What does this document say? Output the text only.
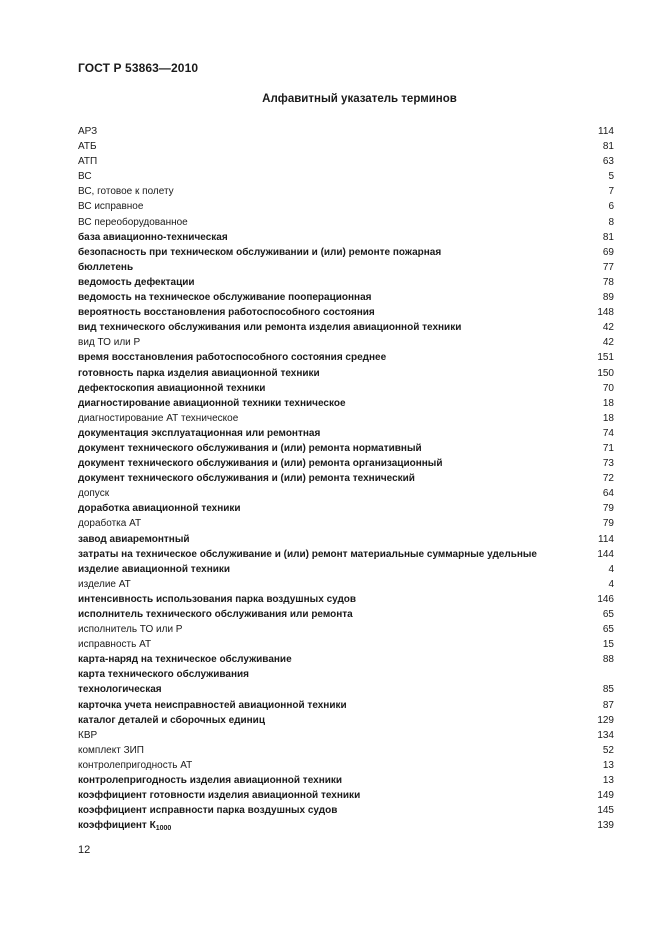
ГОСТ Р 53863—2010
Алфавитный указатель терминов
АРЗ	114
АТБ	81
АТП	63
ВС	5
ВС, готовое к полету	7
ВС исправное	6
ВС переоборудованное	8
база авиационно-техническая	81
безопасность при техническом обслуживании и (или) ремонте пожарная	69
бюллетень	77
ведомость дефектации	78
ведомость на техническое обслуживание пооперационная	89
вероятность восстановления работоспособного состояния	148
вид технического обслуживания или ремонта изделия авиационной техники	42
вид ТО или Р	42
время восстановления работоспособного состояния среднее	151
готовность парка изделия авиационной техники	150
дефектоскопия авиационной техники	70
диагностирование авиационной техники техническое	18
диагностирование АТ техническое	18
документация эксплуатационная или ремонтная	74
документ технического обслуживания и (или) ремонта нормативный	71
документ технического обслуживания и (или) ремонта организационный	73
документ технического обслуживания и (или) ремонта технический	72
допуск	64
доработка авиационной техники	79
доработка АТ	79
завод авиаремонтный	114
затраты на техническое обслуживание и (или) ремонт материальные суммарные удельные	144
изделие авиационной техники	4
изделие АТ	4
интенсивность использования парка воздушных судов	146
исполнитель технического обслуживания или ремонта	65
исполнитель ТО или Р	65
исправность АТ	15
карта-наряд на техническое обслуживание	88
карта технического обслуживания
технологическая	85
карточка учета неисправностей авиационной техники	87
каталог деталей и сборочных единиц	129
КВР	134
комплект ЗИП	52
контролепригодность АТ	13
контролепригодность изделия авиационной техники	13
коэффициент готовности изделия авиационной техники	149
коэффициент исправности парка воздушных судов	145
коэффициент $К_{1000}$	139
12
